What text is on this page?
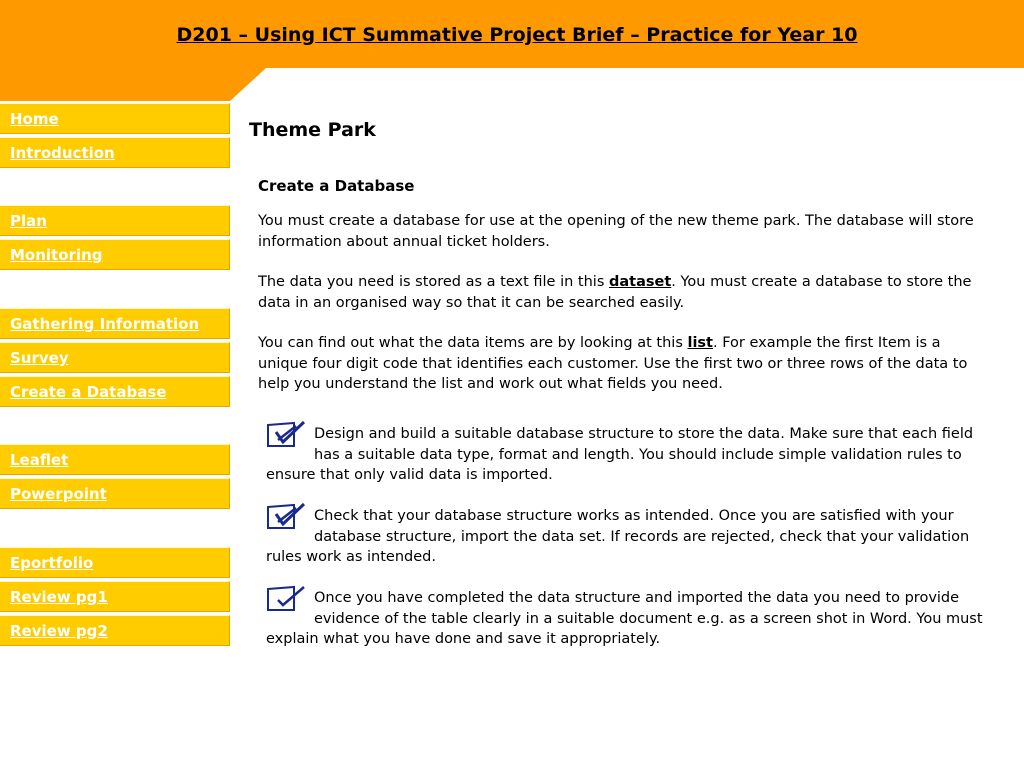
D201 – Using ICT Summative Project Brief – Practice for Year 10
Home
Introduction
Plan
Monitoring
Gathering Information
Survey
Create a Database
Leaflet
Powerpoint
Eportfolio
Review pg1
Review pg2
Theme Park
Create a Database

You must create a database for use at the opening of the new theme park. The database will store information about annual ticket holders.

The data you need is stored as a text file in this dataset. You must create a database to store the data in an organised way so that it can be searched easily.

You can find out what the data items are by looking at this list. For example the first Item is a unique four digit code that identifies each customer. Use the first two or three rows of the data to help you understand the list and work out what fields you need.

Design and build a suitable database structure to store the data. Make sure that each field has a suitable data type, format and length. You should include simple validation rules to ensure that only valid data is imported.
Check that your database structure works as intended. Once you are satisfied with your database structure, import the data set. If records are rejected, check that your validation rules work as intended.
Once you have completed the data structure and imported the data you need to provide evidence of the table clearly in a suitable document e.g. as a screen shot in Word. You must explain what you have done and save it appropriately.
